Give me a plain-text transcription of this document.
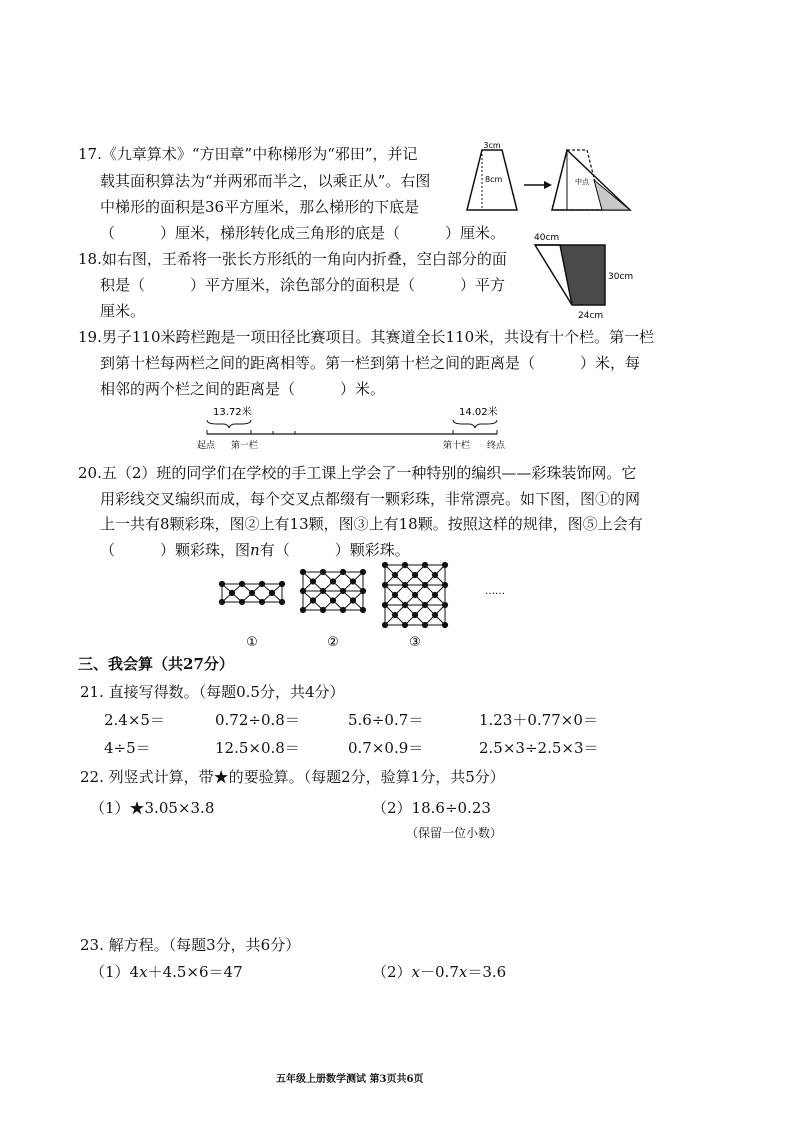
17.《九章算术》“方田章”中称梯形为“邪田”，并记
载其面积算法为“并两邪而半之，以乘正从”。右图
中梯形的面积是36平方厘米，那么梯形的下底是
（　　　）厘米，梯形转化成三角形的底是（　　　）厘米。
3cm
8cm	中点
18.如右图，王希将一张长方形纸的一角向内折叠，空白部分的面
积是（　　　）平方厘米，涂色部分的面积是（　　　）平方
厘米。
40cm
30cm
24cm
19.男子110米跨栏跑是一项田径比赛项目。其赛道全长110米，共设有十个栏。第一栏
到第十栏每两栏之间的距离相等。第一栏到第十栏之间的距离是（　　　）米，每
相邻的两个栏之间的距离是（　　　）米。
13.72米	14.02米
起点 第一栏	第十栏 终点
20.五（2）班的同学们在学校的手工课上学会了一种特别的编织——彩珠装饰网。它
用彩线交叉编织而成，每个交叉点都缀有一颗彩珠，非常漂亮。如下图，图①的网
上一共有8颗彩珠，图②上有13颗，图③上有18颗。按照这样的规律，图⑤上会有
（　　　）颗彩珠，图n有（　　　）颗彩珠。
……
①	②	③
三、我会算（共27分）
21. 直接写得数。（每题0.5分，共4分）
2.4×5＝	0.72÷0.8＝	5.6÷0.7＝	1.23＋0.77×0＝
4÷5＝	12.5×0.8＝	0.7×0.9＝	2.5×3÷2.5×3＝
22. 列竖式计算，带★的要验算。（每题2分，验算1分，共5分）
（1）★3.05×3.8	（2）18.6÷0.23
（保留一位小数）
23. 解方程。（每题3分，共6分）
（1）4x＋4.5×6＝47	（2）x－0.7x＝3.6
五年级上册数学测试 第3页共6页
